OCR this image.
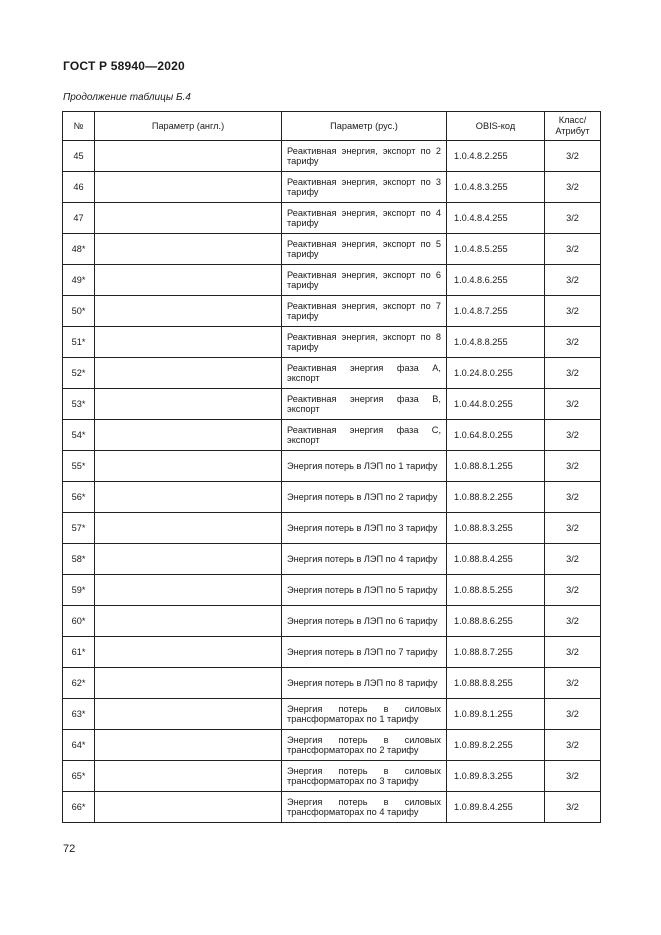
ГОСТ Р 58940—2020
Продолжение таблицы Б.4
№	Параметр (англ.)	Параметр (рус.)	OBIS-код	Класс/
Атрибут
45		Реактивная энергия, экспорт по 2 тарифу	1.0.4.8.2.255	3/2
46		Реактивная энергия, экспорт по 3 тарифу	1.0.4.8.3.255	3/2
47		Реактивная энергия, экспорт по 4 тарифу	1.0.4.8.4.255	3/2
48*		Реактивная энергия, экспорт по 5 тарифу	1.0.4.8.5.255	3/2
49*		Реактивная энергия, экспорт по 6 тарифу	1.0.4.8.6.255	3/2
50*		Реактивная энергия, экспорт по 7 тарифу	1.0.4.8.7.255	3/2
51*		Реактивная энергия, экспорт по 8 тарифу	1.0.4.8.8.255	3/2
52*		Реактивная энергия фаза A, экспорт	1.0.24.8.0.255	3/2
53*		Реактивная энергия фаза B, экспорт	1.0.44.8.0.255	3/2
54*		Реактивная энергия фаза C, экспорт	1.0.64.8.0.255	3/2
55*		Энергия потерь в ЛЭП по 1 тарифу	1.0.88.8.1.255	3/2
56*		Энергия потерь в ЛЭП по 2 тарифу	1.0.88.8.2.255	3/2
57*		Энергия потерь в ЛЭП по 3 тарифу	1.0.88.8.3.255	3/2
58*		Энергия потерь в ЛЭП по 4 тарифу	1.0.88.8.4.255	3/2
59*		Энергия потерь в ЛЭП по 5 тарифу	1.0.88.8.5.255	3/2
60*		Энергия потерь в ЛЭП по 6 тарифу	1.0.88.8.6.255	3/2
61*		Энергия потерь в ЛЭП по 7 тарифу	1.0.88.8.7.255	3/2
62*		Энергия потерь в ЛЭП по 8 тарифу	1.0.88.8.8.255	3/2
63*		Энергия потерь в силовых трансформаторах по 1 тарифу	1.0.89.8.1.255	3/2
64*		Энергия потерь в силовых трансформаторах по 2 тарифу	1.0.89.8.2.255	3/2
65*		Энергия потерь в силовых трансформаторах по 3 тарифу	1.0.89.8.3.255	3/2
66*		Энергия потерь в силовых трансформаторах по 4 тарифу	1.0.89.8.4.255	3/2
72
